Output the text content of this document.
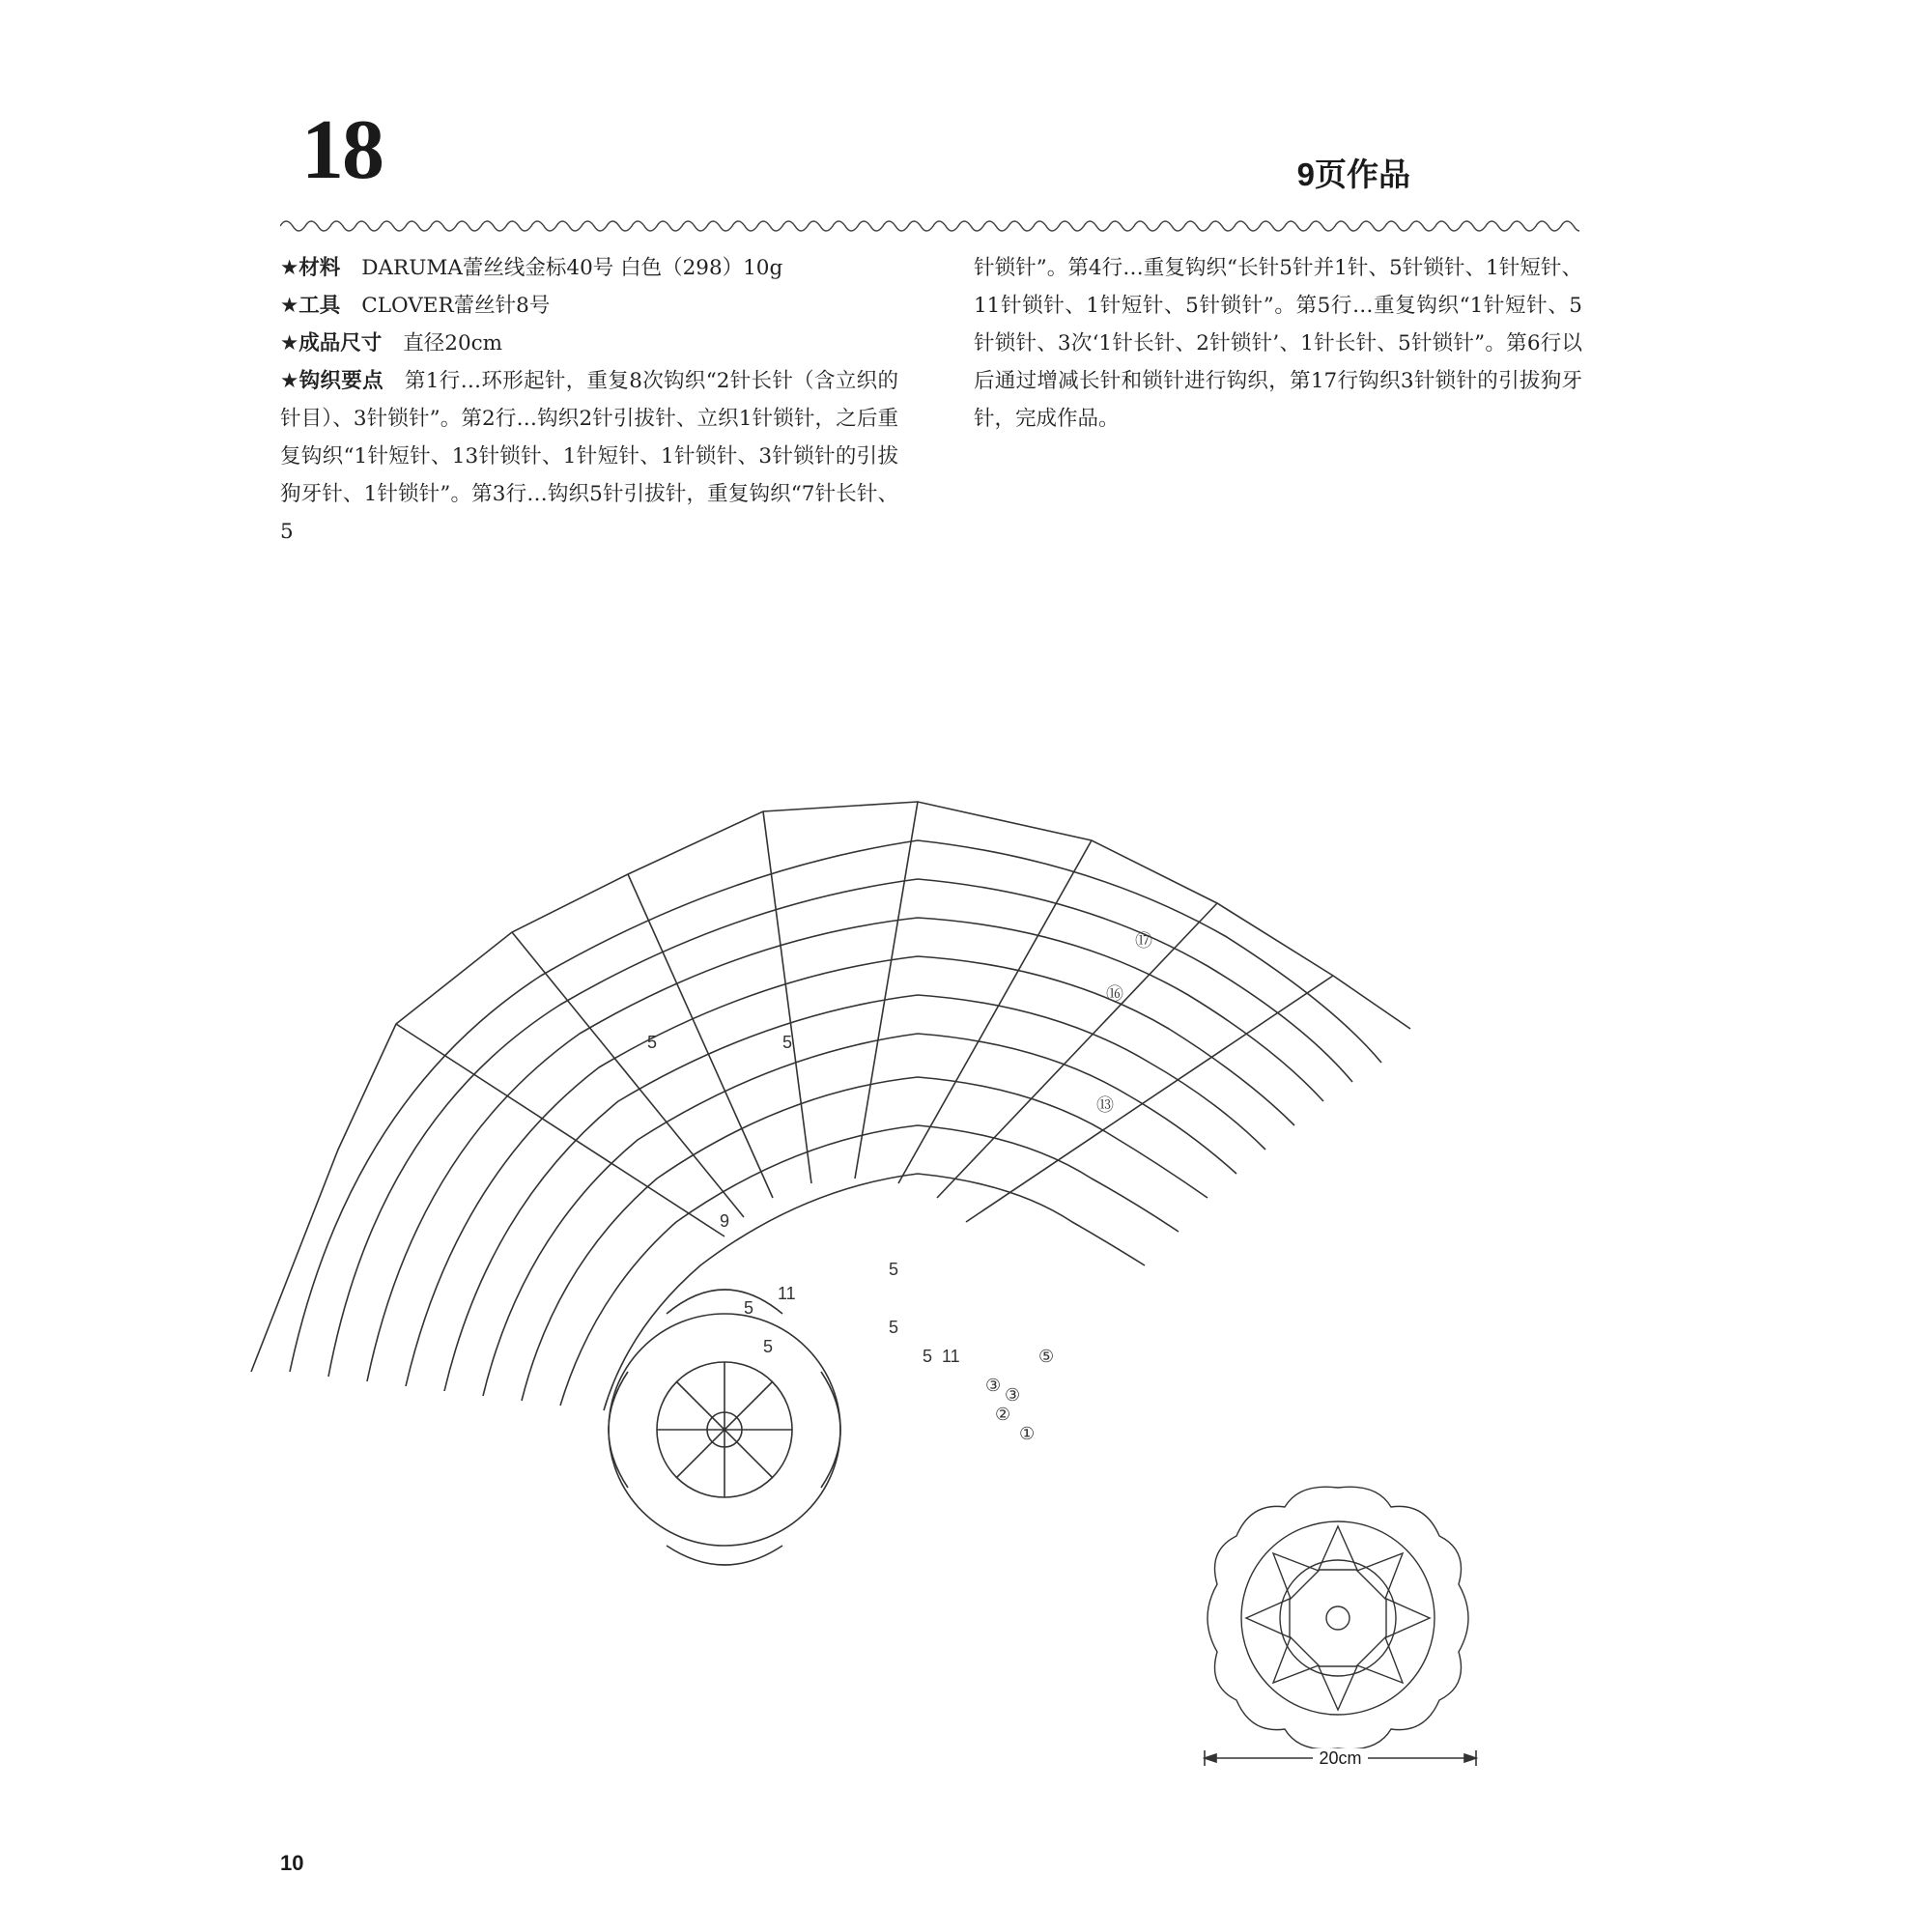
18	9页作品
★材料 DARUMA蕾丝线金标40号 白色（298）10g
★工具 CLOVER蕾丝针8号
★成品尺寸 直径20cm
★钩织要点 第1行…环形起针，重复8次钩织“2针长针（含立织的针目）、3针锁针”。第2行…钩织2针引拔针、立织1针锁针，之后重复钩织“1针短针、13针锁针、1针短针、1针锁针、3针锁针的引拔狗牙针、1针锁针”。第3行…钩织5针引拔针，重复钩织“7针长针、5
针锁针”。第4行…重复钩织“长针5针并1针、5针锁针、1针短针、11针锁针、1针短针、5针锁针”。第5行…重复钩织“1针短针、5针锁针、3次‘1针长针、2针锁针’、1针长针、5针锁针”。第6行以后通过增减长针和锁针进行钩织，第17行钩织3针锁针的引拔狗牙针，完成作品。
①
②
③
③
⑤
⑬
⑯
⑰
5	5
5
5
9
11
5 11
5
5
20cm
10
